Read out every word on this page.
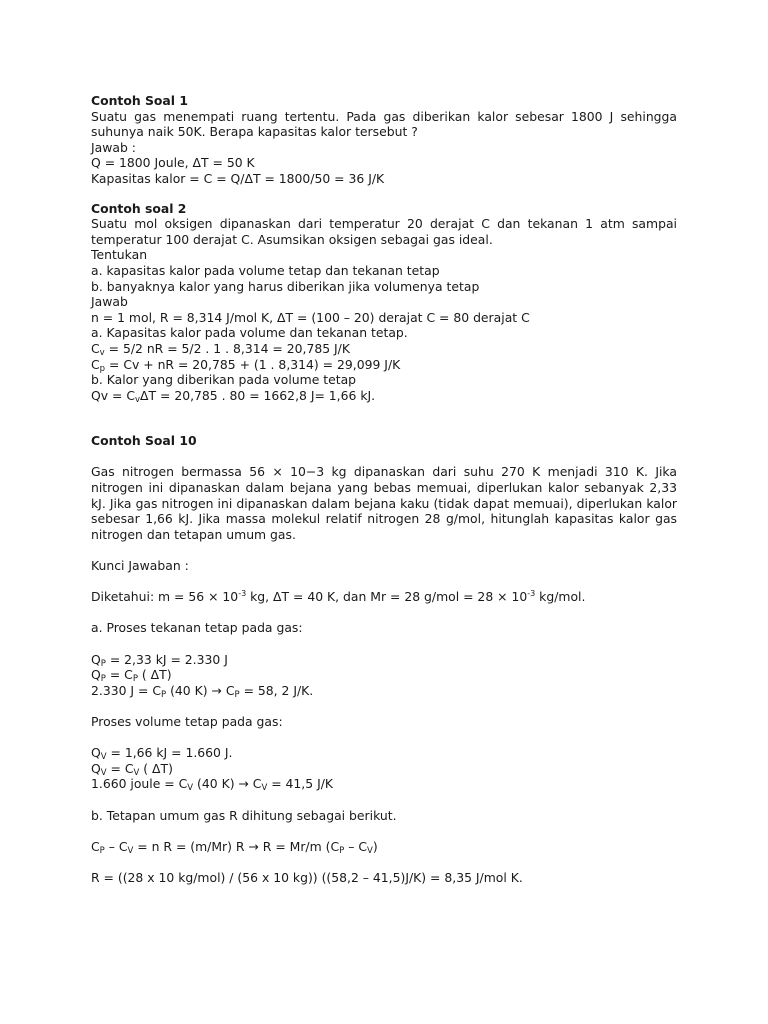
Contoh Soal 1
Suatu gas menempati ruang tertentu. Pada gas diberikan kalor sebesar 1800 J sehingga suhunya naik 50K. Berapa kapasitas kalor tersebut ?
Jawab :
Q = 1800 Joule, ΔT = 50 K
Kapasitas kalor = C = Q/ΔT = 1800/50 = 36 J/K
Contoh soal 2
Suatu mol oksigen dipanaskan dari temperatur 20 derajat C dan tekanan 1 atm sampai temperatur 100 derajat C. Asumsikan oksigen sebagai gas ideal.
Tentukan
a. kapasitas kalor pada volume tetap dan tekanan tetap
b. banyaknya kalor yang harus diberikan jika volumenya tetap
Jawab
n = 1 mol, R = 8,314 J/mol K, ΔT = (100 – 20) derajat C = 80 derajat C
a. Kapasitas kalor pada volume dan tekanan tetap.
$C_v = 5/2$ nR = 5/2 . 1 . 8,314 = 20,785 J/K
$C_p = Cv$ + nR = 20,785 + (1 . 8,314) = 29,099 J/K
b. Kalor yang diberikan pada volume tetap
$Qv = C_v\Delta T = 20,785$ . 80 = 1662,8 J= 1,66 kJ.
Contoh Soal 10
Gas nitrogen bermassa 56 × 10−3 kg dipanaskan dari suhu 270 K menjadi 310 K. Jika nitrogen ini dipanaskan dalam bejana yang bebas memuai, diperlukan kalor sebanyak 2,33 kJ. Jika gas nitrogen ini dipanaskan dalam bejana kaku (tidak dapat memuai), diperlukan kalor sebesar 1,66 kJ. Jika massa molekul relatif nitrogen 28 g/mol, hitunglah kapasitas kalor gas nitrogen dan tetapan umum gas.
Kunci Jawaban :
Diketahui: $m = 56 \times 10^{-3}$ kg, ΔT = 40 K, dan Mr = 28 $g/mol = 28 \times 10^{-3}$ kg/mol.
a. Proses tekanan tetap pada gas:
$Q_P = 2,33$ kJ = 2.330 J
$Q_P = C_P$ ( ΔT)
2.330 $J = C_P$ (40 $K) \to C_P = 58$, 2 J/K.
Proses volume tetap pada gas:
$Q_V = 1,66$ kJ = 1.660 J.
$Q_V = C_V$ ( ΔT)
1.660 joule = $C_V$ (40 $K) \to C_V = 41,5$ J/K
b. Tetapan umum gas R dihitung sebagai berikut.
$C_P - C_V = n$ R = (m/Mr) R → R = Mr/m $(C_P - C_V)$
R = ((28 x 10 kg/mol) / (56 x 10 kg)) ((58,2 – 41,5)J/K) = 8,35 J/mol K.
